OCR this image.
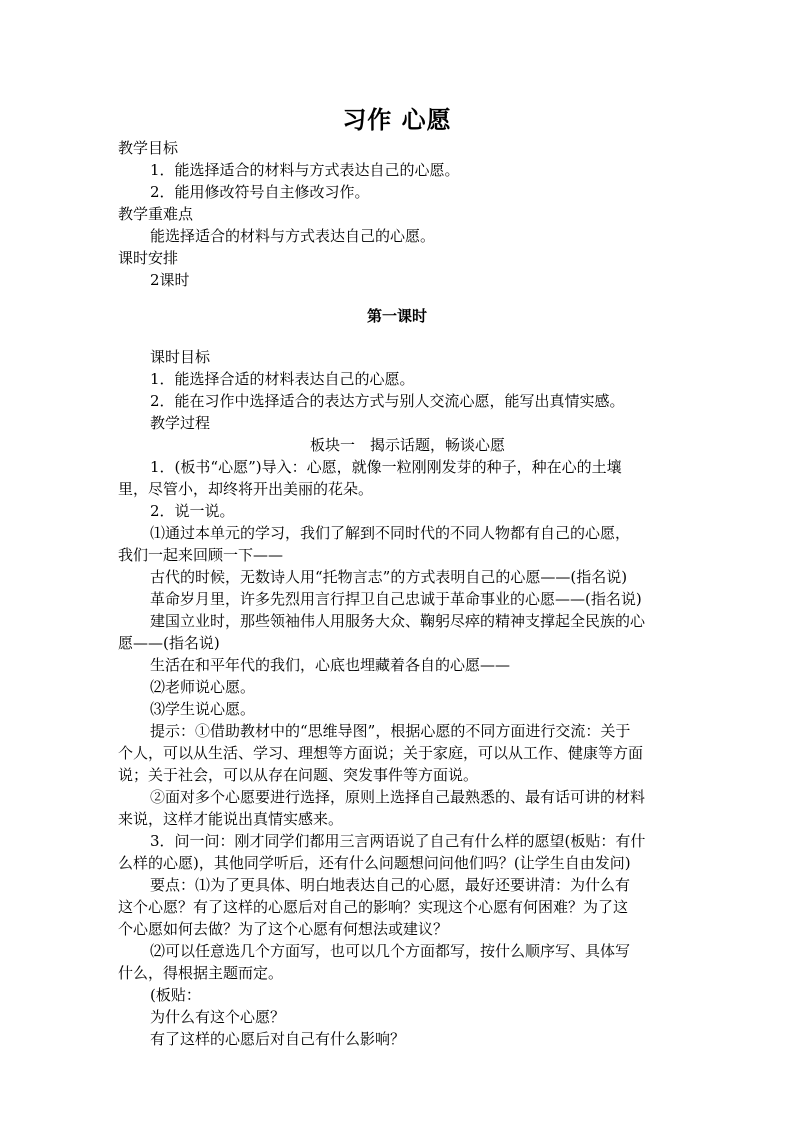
习作 心愿
教学目标
1．能选择适合的材料与方式表达自己的心愿。
2．能用修改符号自主修改习作。
教学重难点
能选择适合的材料与方式表达自己的心愿。
课时安排
2课时
第一课时
课时目标
1．能选择合适的材料表达自己的心愿。
2．能在习作中选择适合的表达方式与别人交流心愿，能写出真情实感。
教学过程
板块一　揭示话题，畅谈心愿
1．(板书“心愿”)导入：心愿，就像一粒刚刚发芽的种子，种在心的土壤
里，尽管小，却终将开出美丽的花朵。
2．说一说。
⑴通过本单元的学习，我们了解到不同时代的不同人物都有自己的心愿，
我们一起来回顾一下——
古代的时候，无数诗人用“托物言志”的方式表明自己的心愿——(指名说)
革命岁月里，许多先烈用言行捍卫自己忠诚于革命事业的心愿——(指名说)
建国立业时，那些领袖伟人用服务大众、鞠躬尽瘁的精神支撑起全民族的心
愿——(指名说)
生活在和平年代的我们，心底也埋藏着各自的心愿——
⑵老师说心愿。
⑶学生说心愿。
提示：①借助教材中的“思维导图”，根据心愿的不同方面进行交流：关于
个人，可以从生活、学习、理想等方面说；关于家庭，可以从工作、健康等方面
说；关于社会，可以从存在问题、突发事件等方面说。
②面对多个心愿要进行选择，原则上选择自己最熟悉的、最有话可讲的材料
来说，这样才能说出真情实感来。
3．问一问：刚才同学们都用三言两语说了自己有什么样的愿望(板贴：有什
么样的心愿)，其他同学听后，还有什么问题想问问他们吗？(让学生自由发问)
要点：⑴为了更具体、明白地表达自己的心愿，最好还要讲清：为什么有
这个心愿？有了这样的心愿后对自己的影响？实现这个心愿有何困难？为了这
个心愿如何去做？为了这个心愿有何想法或建议？
⑵可以任意选几个方面写，也可以几个方面都写，按什么顺序写、具体写
什么，得根据主题而定。
(板贴：
为什么有这个心愿？
有了这样的心愿后对自己有什么影响？
